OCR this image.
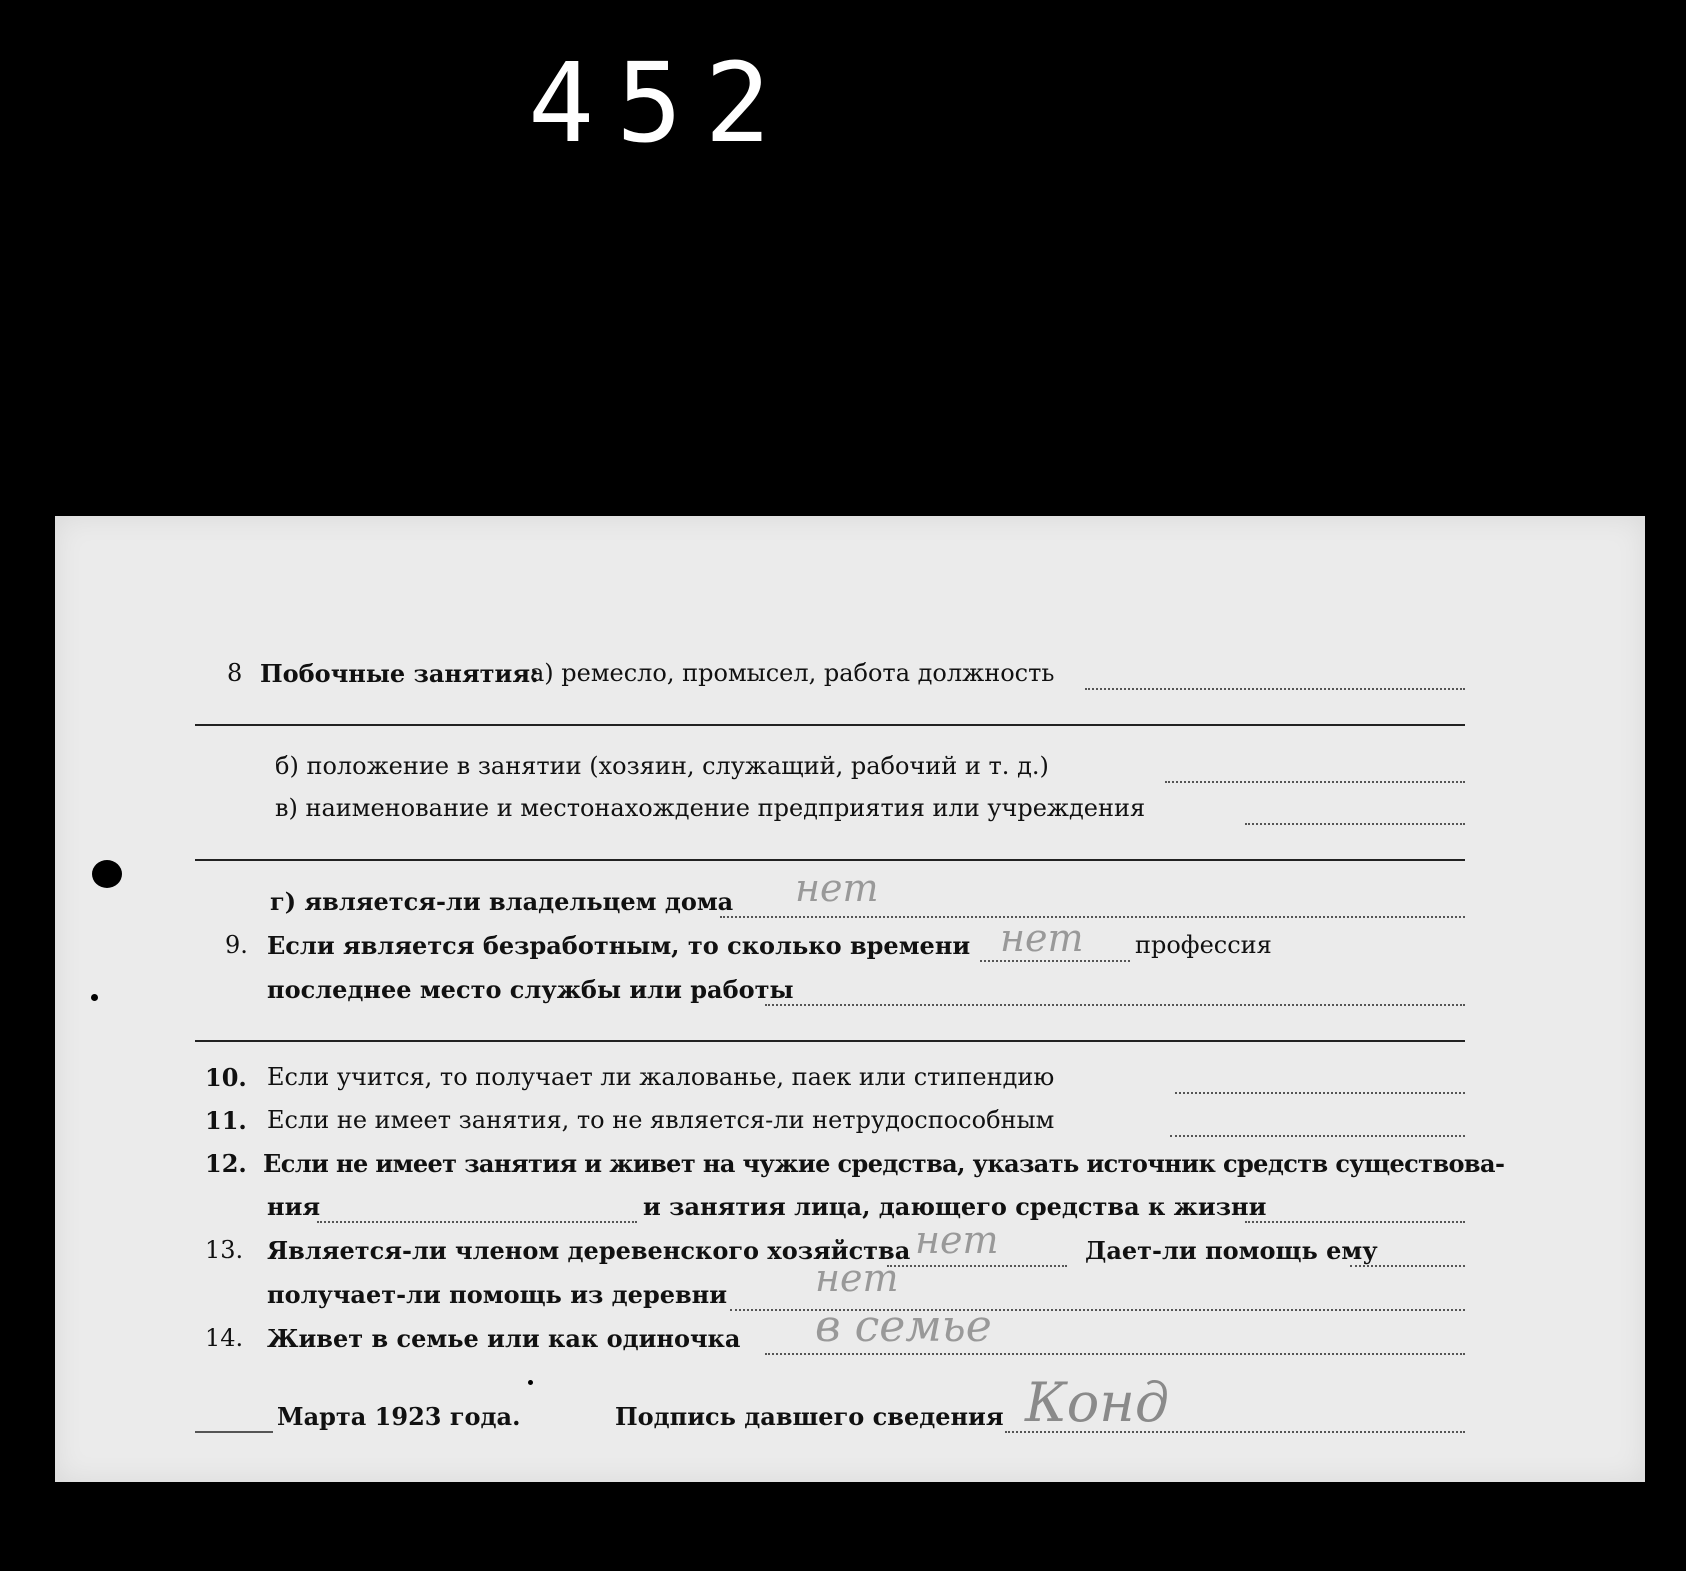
452
8 Побочные занятия:
а) ремесло, промысел, работа должность
б) положение в занятии (хозяин, служащий, рабочий и т. д.)
в) наименование и местонахождение предприятия или учреждения
г) является-ли владельцем дома нет
9. Если является безработным, то сколько времени нет профессия
последнее место службы или работы
10. Если учится, то получает ли жалованье, паек или стипендию
11. Если не имеет занятия, то не является-ли нетрудоспособным
12. Если не имеет занятия и живет на чужие средства, указать источник средств существова-
ния	и занятия лица, дающего средства к жизни
13. Является-ли членом деревенского хозяйства нет	Дает-ли помощь ему
получает-ли помощь из деревни нет
14. Живет в семье или как одиночка в семье
Марта 1923 года.	Подпись давшего сведения Конд
